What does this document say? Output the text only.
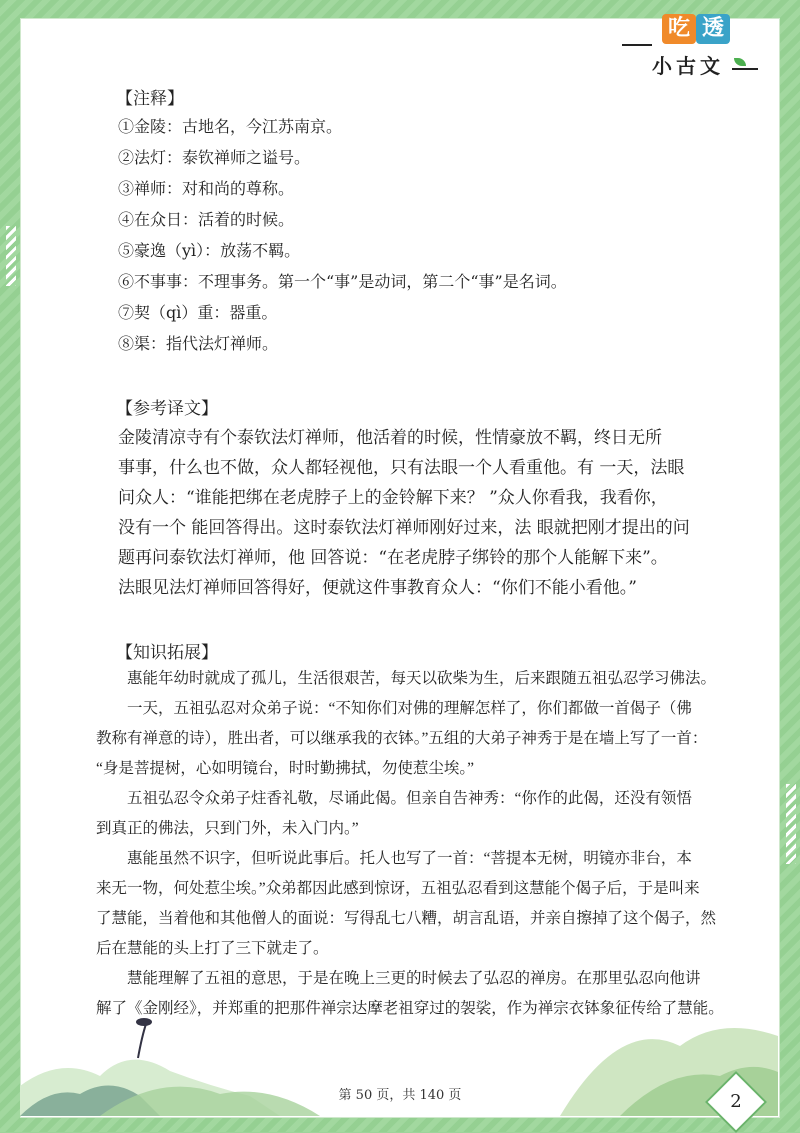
吃 透
小古文
【注释】
①金陵：古地名，今江苏南京。
②法灯：泰钦禅师之谥号。
③禅师：对和尚的尊称。
④在众日：活着的时候。
⑤豪逸（yì）：放荡不羁。
⑥不事事：不理事务。第一个“事”是动词，第二个“事”是名词。
⑦契（qì）重：器重。
⑧渠：指代法灯禅师。
【参考译文】
金陵清凉寺有个泰钦法灯禅师，他活着的时候，性情豪放不羁，终日无所
事事，什么也不做，众人都轻视他，只有法眼一个人看重他。有 一天，法眼
问众人：“谁能把绑在老虎脖子上的金铃解下来？ ”众人你看我，我看你，
没有一个 能回答得出。这时泰钦法灯禅师刚好过来，法 眼就把刚才提出的问
题再问泰钦法灯禅师，他 回答说：“在老虎脖子绑铃的那个人能解下来”。
法眼见法灯禅师回答得好，便就这件事教育众人：“你们不能小看他。”
【知识拓展】
　　惠能年幼时就成了孤儿，生活很艰苦，每天以砍柴为生，后来跟随五祖弘忍学习佛法。
　　一天，五祖弘忍对众弟子说：“不知你们对佛的理解怎样了，你们都做一首偈子（佛
教称有禅意的诗），胜出者，可以继承我的衣钵。”五组的大弟子神秀于是在墙上写了一首：
“身是菩提树，心如明镜台，时时勤拂拭，勿使惹尘埃。”
　　五祖弘忍令众弟子炷香礼敬，尽诵此偈。但亲自告神秀：“你作的此偈，还没有领悟
到真正的佛法，只到门外，未入门内。”
　　惠能虽然不识字，但听说此事后。托人也写了一首：“菩提本无树，明镜亦非台，本
来无一物，何处惹尘埃。”众弟都因此感到惊讶，五祖弘忍看到这慧能个偈子后，于是叫来
了慧能，当着他和其他僧人的面说：写得乱七八糟，胡言乱语，并亲自擦掉了这个偈子，然
后在慧能的头上打了三下就走了。
　　慧能理解了五祖的意思，于是在晚上三更的时候去了弘忍的禅房。在那里弘忍向他讲
解了《金刚经》，并郑重的把那件禅宗达摩老祖穿过的袈裟，作为禅宗衣钵象征传给了慧能。
第 50 页，共 140 页	2
